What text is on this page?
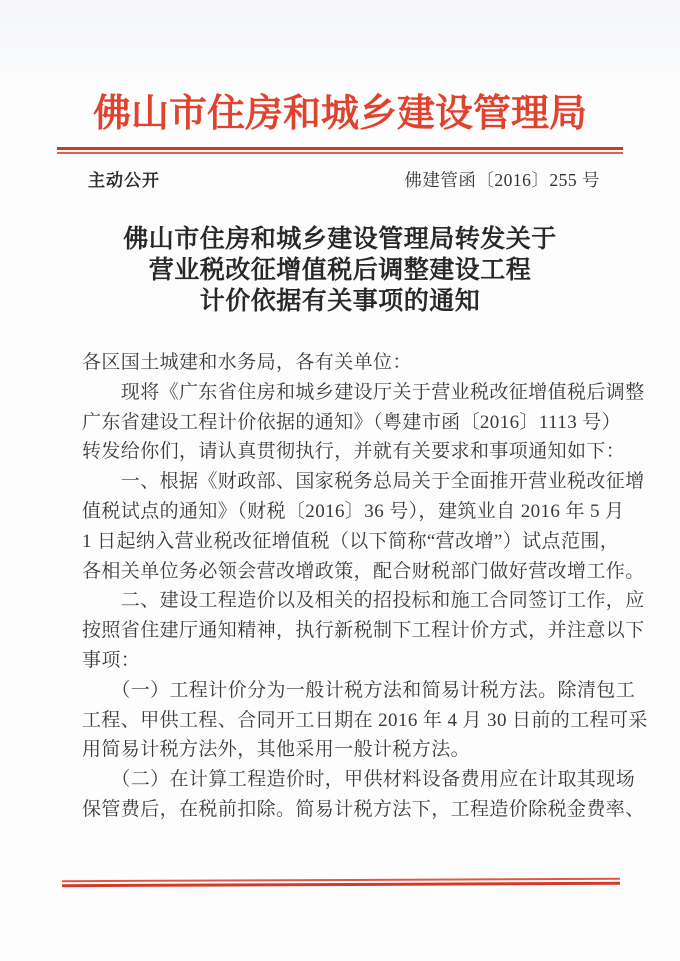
佛山市住房和城乡建设管理局
主动公开	佛建管函〔2016〕255 号
佛山市住房和城乡建设管理局转发关于
营业税改征增值税后调整建设工程
计价依据有关事项的通知
各区国土城建和水务局，各有关单位：
　　现将《广东省住房和城乡建设厅关于营业税改征增值税后调整
广东省建设工程计价依据的通知》（粤建市函〔2016〕1113 号）
转发给你们，请认真贯彻执行，并就有关要求和事项通知如下：
　　一、根据《财政部、国家税务总局关于全面推开营业税改征增
值税试点的通知》（财税〔2016〕36 号），建筑业自 2016 年 5 月
1 日起纳入营业税改征增值税（以下简称“营改增”）试点范围，
各相关单位务必领会营改增政策，配合财税部门做好营改增工作。
　　二、建设工程造价以及相关的招投标和施工合同签订工作，应
按照省住建厅通知精神，执行新税制下工程计价方式，并注意以下
事项：
　　（一）工程计价分为一般计税方法和简易计税方法。除清包工
工程、甲供工程、合同开工日期在 2016 年 4 月 30 日前的工程可采
用简易计税方法外，其他采用一般计税方法。
　　（二）在计算工程造价时，甲供材料设备费用应在计取其现场
保管费后，在税前扣除。简易计税方法下，工程造价除税金费率、
